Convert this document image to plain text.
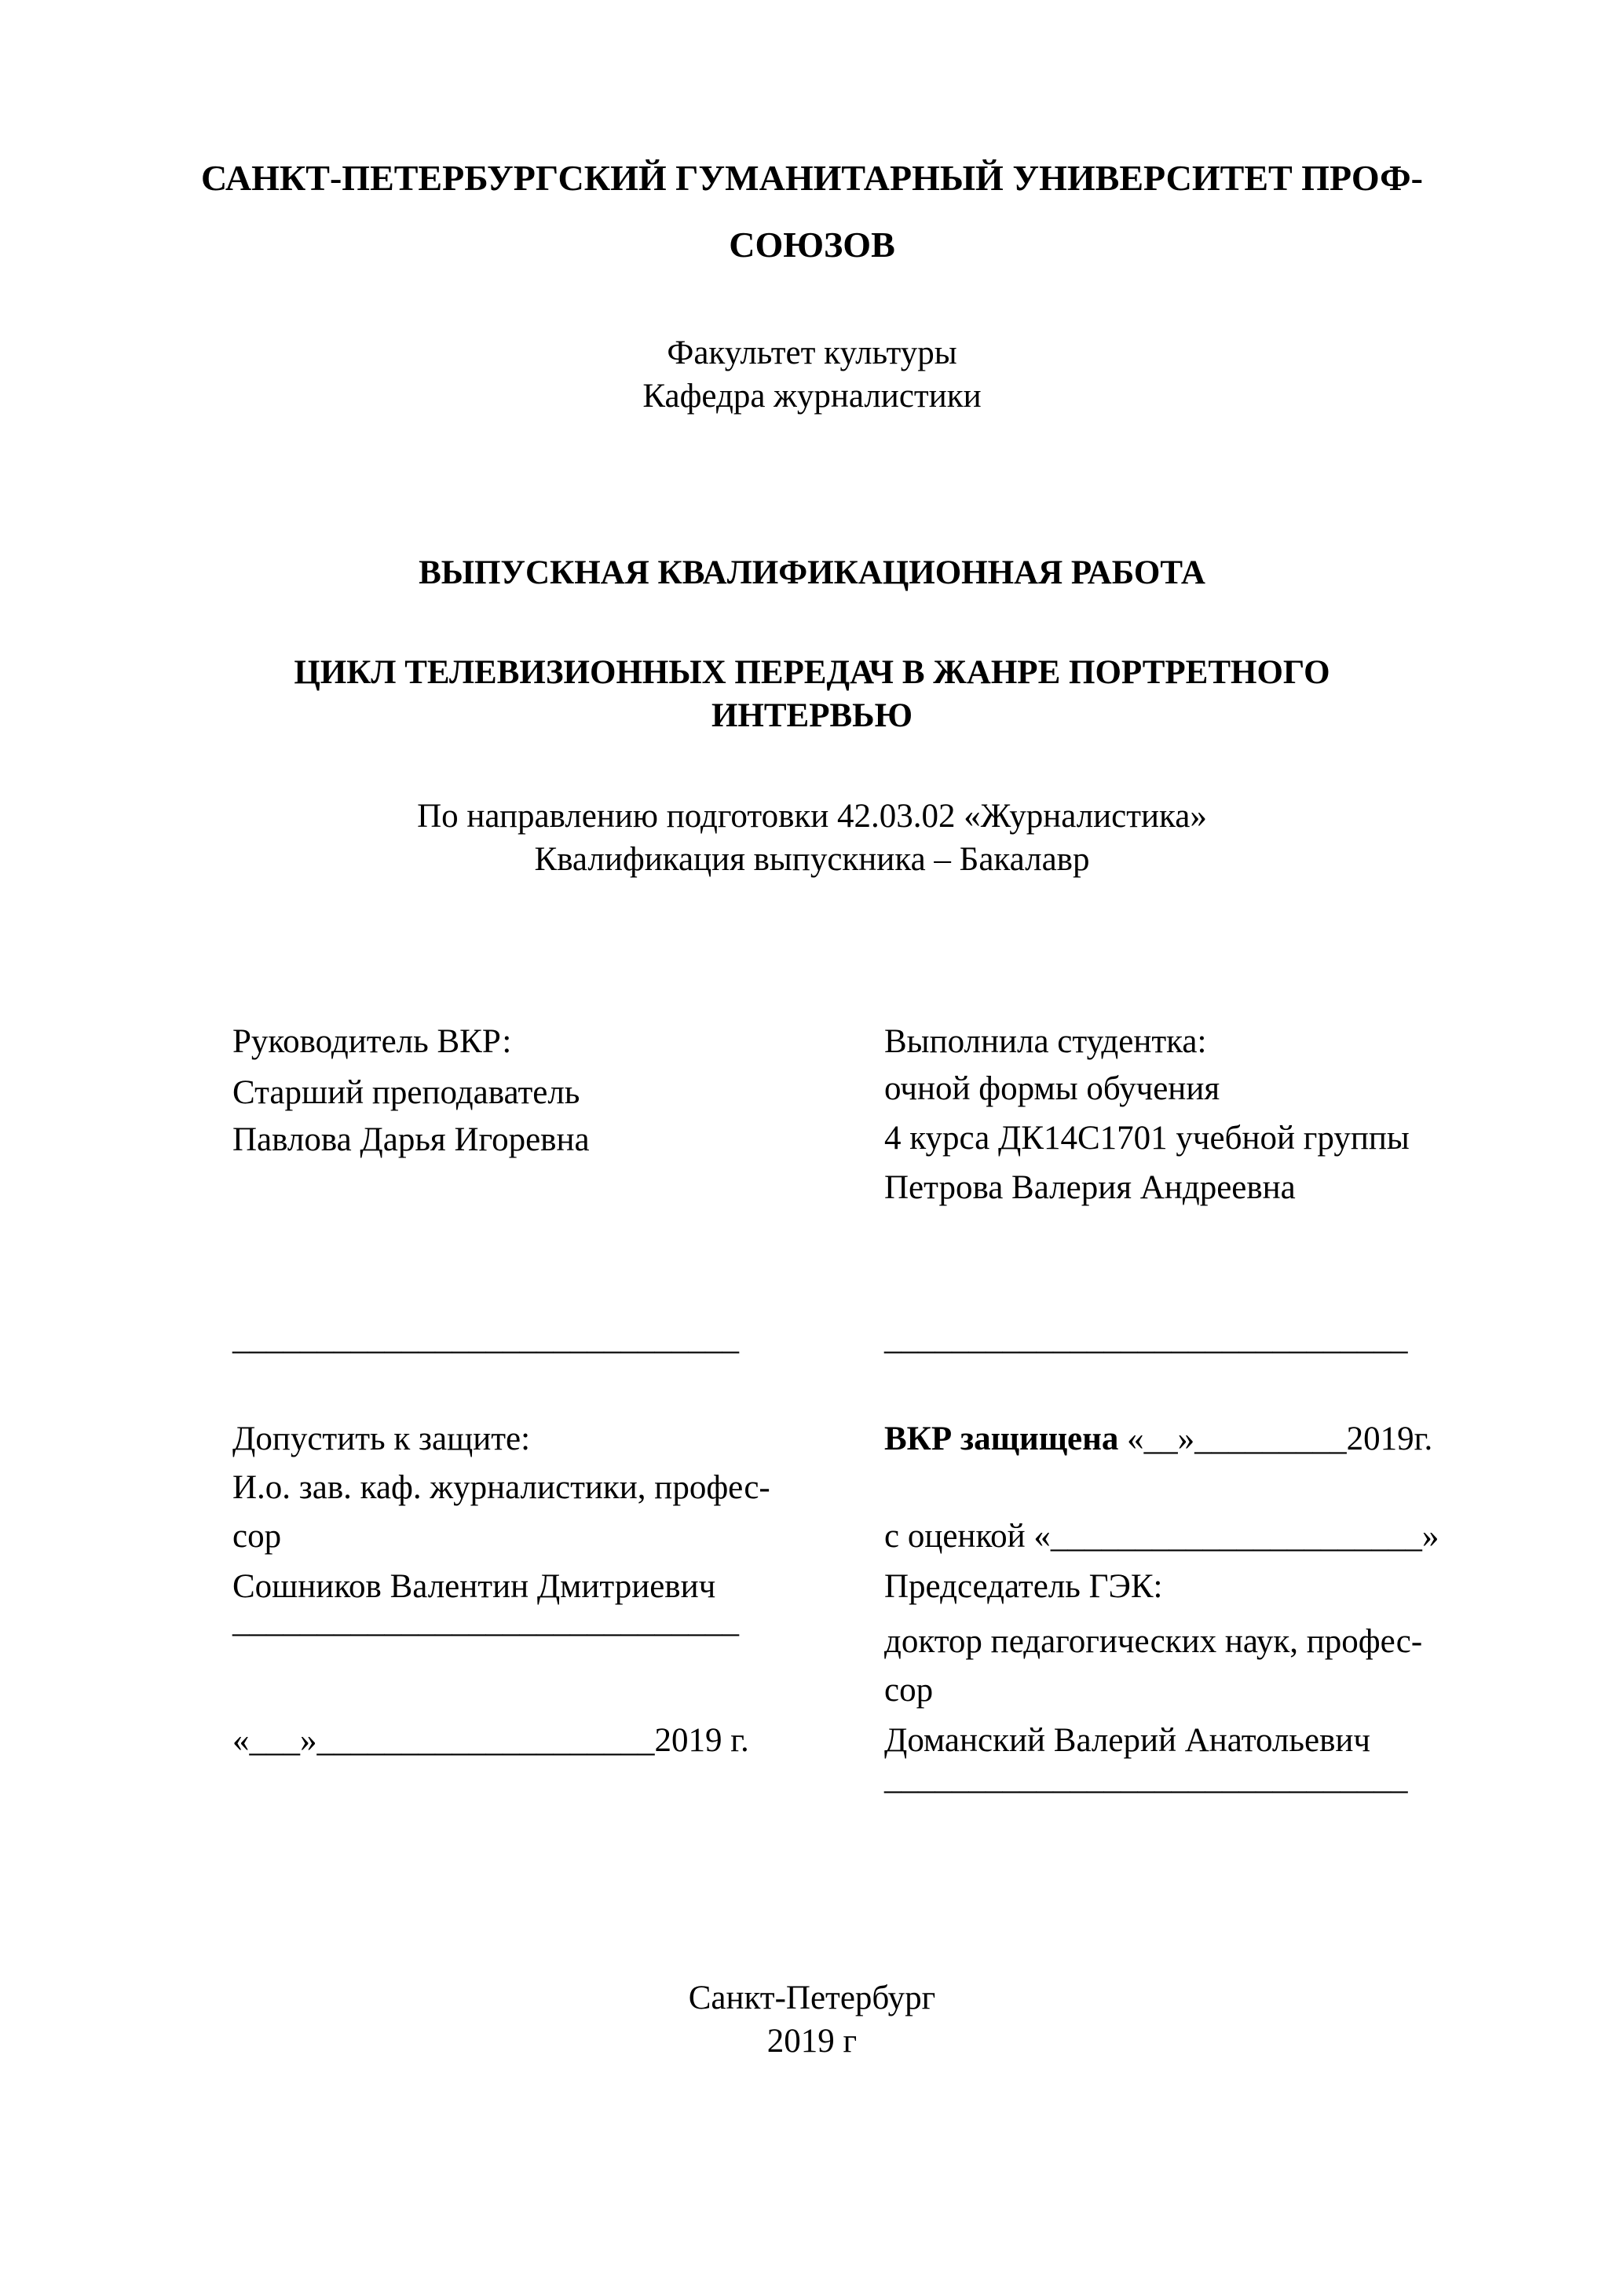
САНКТ-ПЕТЕРБУРГСКИЙ ГУМАНИТАРНЫЙ УНИВЕРСИТЕТ ПРОФ-
СОЮЗОВ
Факультет культуры
Кафедра журналистики
ВЫПУСКНАЯ КВАЛИФИКАЦИОННАЯ РАБОТА
ЦИКЛ ТЕЛЕВИЗИОННЫХ ПЕРЕДАЧ В ЖАНРЕ ПОРТРЕТНОГО
ИНТЕРВЬЮ
По направлению подготовки 42.03.02 «Журналистика»
Квалификация выпускника – Бакалавр
Руководитель ВКР:
Старший преподаватель
Павлова Дарья Игоревна
______________________________
Выполнила студентка:
очной формы обучения
4 курса ДК14С1701 учебной группы
Петрова Валерия Андреевна
_______________________________
Допустить к защите:
И.о. зав. каф. журналистики, профес-
сор
Сошников Валентин Дмитриевич
______________________________
«___»____________________2019 г.
ВКР защищена «__»_________2019г.
с оценкой «______________________»
Председатель ГЭК:
доктор педагогических наук, профес-
сор
Доманский Валерий Анатольевич
_______________________________
Санкт-Петербург
2019 г
